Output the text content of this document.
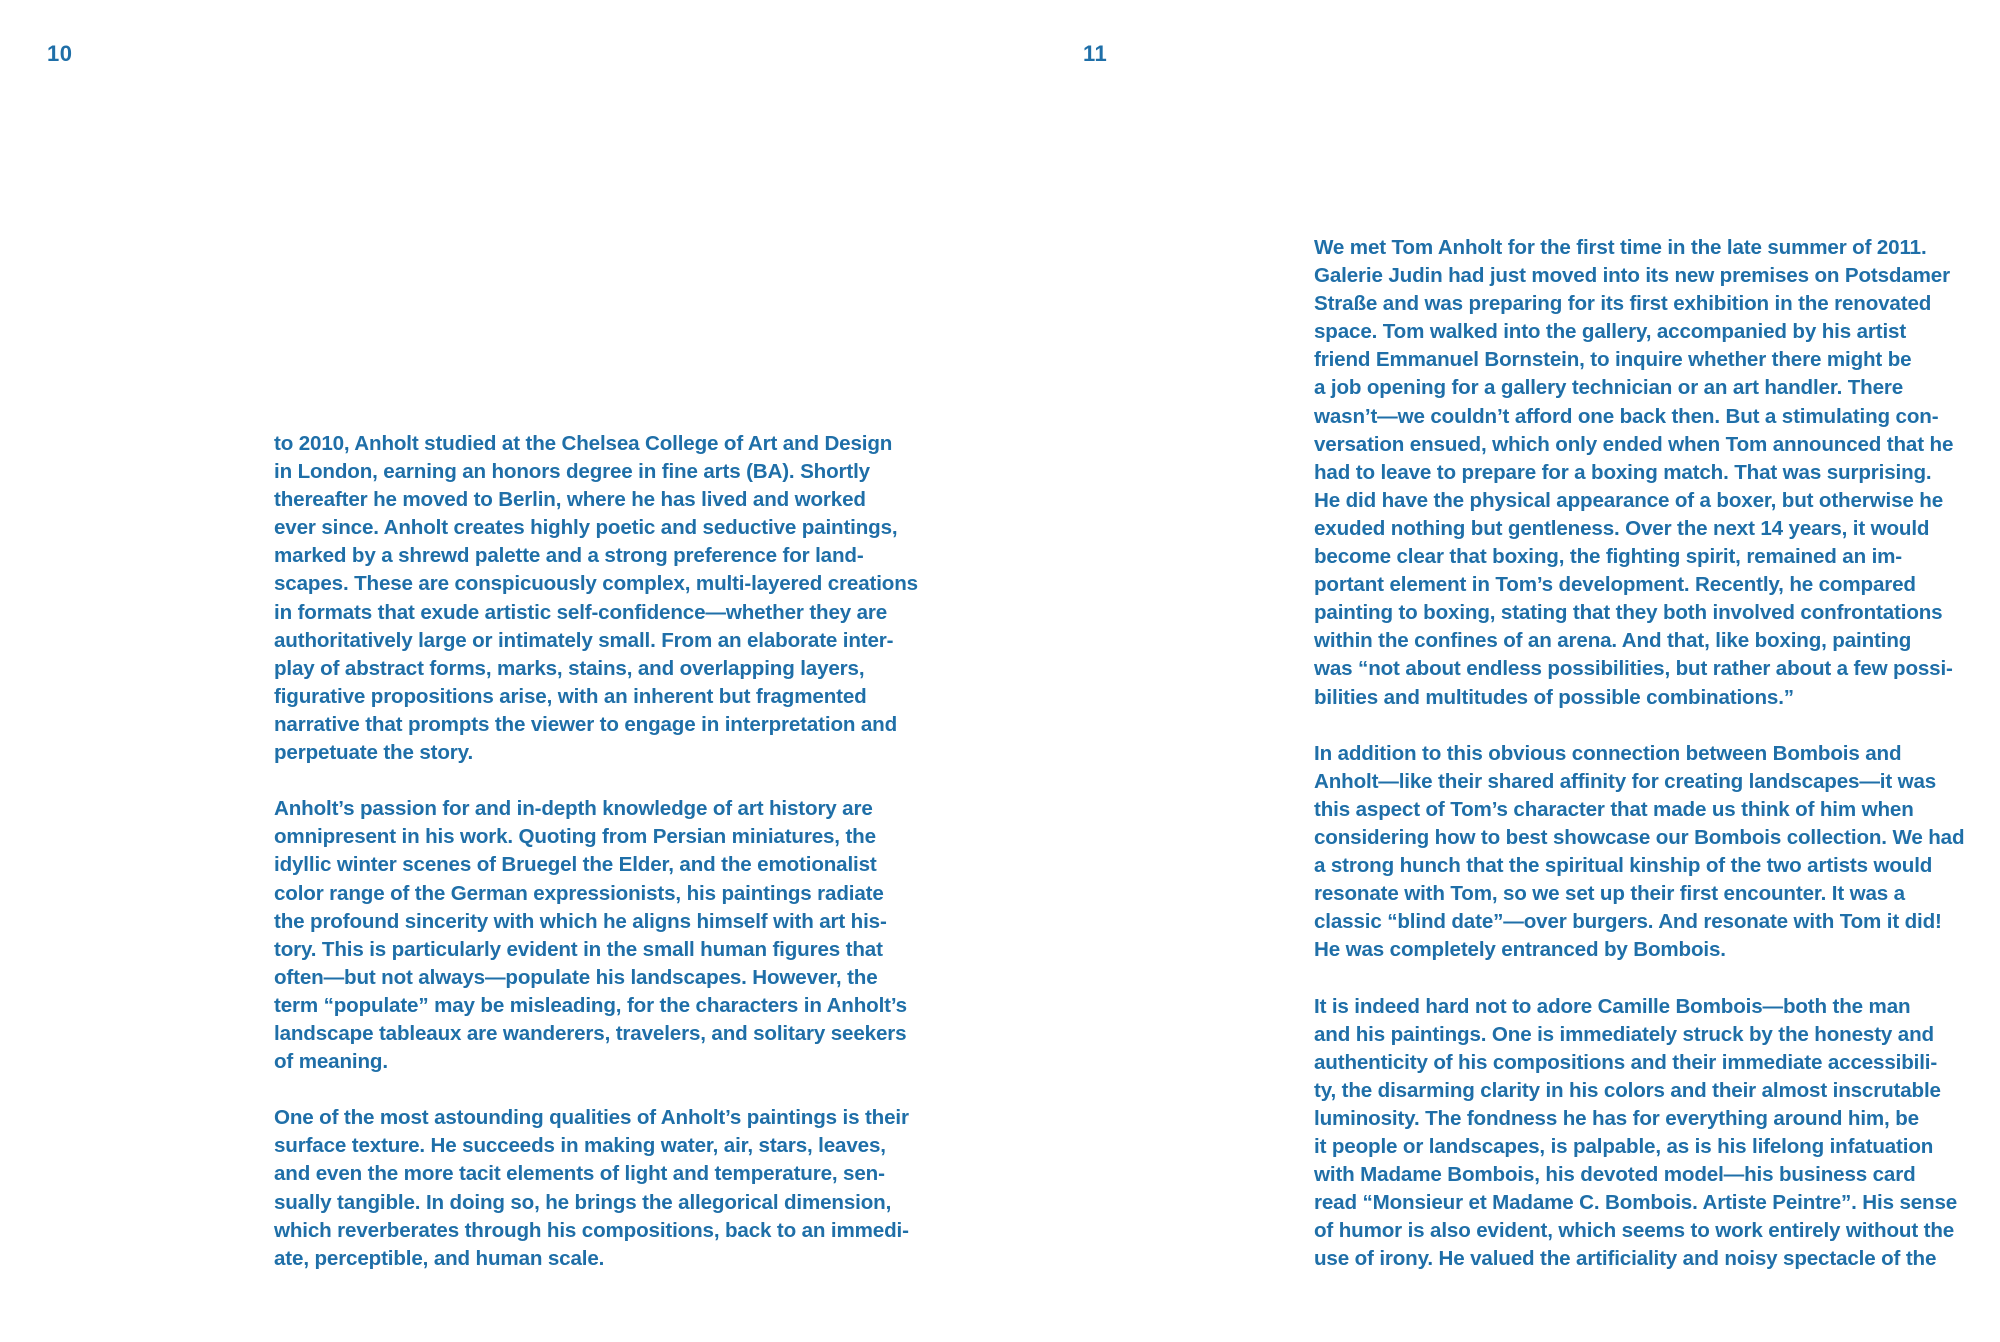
10

to 2010, Anholt studied at the Chelsea College of Art and Design
in London, earning an honors degree in fine arts (BA). Shortly
thereafter he moved to Berlin, where he has lived and worked
ever since. Anholt creates highly poetic and seductive paintings,
marked by a shrewd palette and a strong preference for land-
scapes. These are conspicuously complex, multi-layered creations
in formats that exude artistic self-confidence—whether they are
authoritatively large or intimately small. From an elaborate inter-
play of abstract forms, marks, stains, and overlapping layers,
figurative propositions arise, with an inherent but fragmented
narrative that prompts the viewer to engage in interpretation and
perpetuate the story.

Anholt’s passion for and in-depth knowledge of art history are
omnipresent in his work. Quoting from Persian miniatures, the
idyllic winter scenes of Bruegel the Elder, and the emotionalist
color range of the German expressionists, his paintings radiate
the profound sincerity with which he aligns himself with art his-
tory. This is particularly evident in the small human figures that
often—but not always—populate his landscapes. However, the
term “populate” may be misleading, for the characters in Anholt’s
landscape tableaux are wanderers, travelers, and solitary seekers
of meaning.

One of the most astounding qualities of Anholt’s paintings is their
surface texture. He succeeds in making water, air, stars, leaves,
and even the more tacit elements of light and temperature, sen-
sually tangible. In doing so, he brings the allegorical dimension,
which reverberates through his compositions, back to an immedi-
ate, perceptible, and human scale.

11

We met Tom Anholt for the first time in the late summer of 2011.
Galerie Judin had just moved into its new premises on Potsdamer
Straße and was preparing for its first exhibition in the renovated
space. Tom walked into the gallery, accompanied by his artist
friend Emmanuel Bornstein, to inquire whether there might be
a job opening for a gallery technician or an art handler. There
wasn’t—we couldn’t afford one back then. But a stimulating con-
versation ensued, which only ended when Tom announced that he
had to leave to prepare for a boxing match. That was surprising.
He did have the physical appearance of a boxer, but otherwise he
exuded nothing but gentleness. Over the next 14 years, it would
become clear that boxing, the fighting spirit, remained an im-
portant element in Tom’s development. Recently, he compared
painting to boxing, stating that they both involved confrontations
within the confines of an arena. And that, like boxing, painting
was “not about endless possibilities, but rather about a few possi-
bilities and multitudes of possible combinations.”

In addition to this obvious connection between Bombois and
Anholt—like their shared affinity for creating landscapes—it was
this aspect of Tom’s character that made us think of him when
considering how to best showcase our Bombois collection. We had
a strong hunch that the spiritual kinship of the two artists would
resonate with Tom, so we set up their first encounter. It was a
classic “blind date”—over burgers. And resonate with Tom it did!
He was completely entranced by Bombois.

It is indeed hard not to adore Camille Bombois—both the man
and his paintings. One is immediately struck by the honesty and
authenticity of his compositions and their immediate accessibili-
ty, the disarming clarity in his colors and their almost inscrutable
luminosity. The fondness he has for everything around him, be
it people or landscapes, is palpable, as is his lifelong infatuation
with Madame Bombois, his devoted model—his business card
read “Monsieur et Madame C. Bombois. Artiste Peintre”. His sense
of humor is also evident, which seems to work entirely without the
use of irony. He valued the artificiality and noisy spectacle of the
